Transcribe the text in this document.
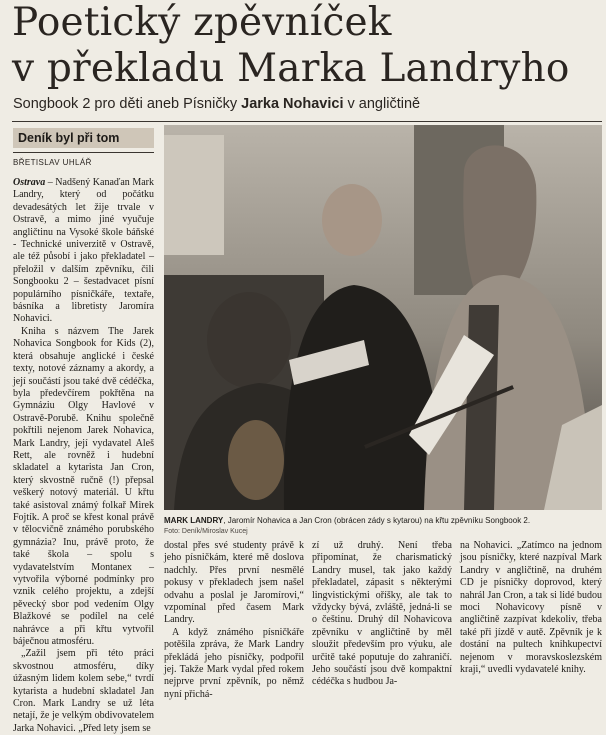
Poetický zpěvníček
v překladu Marka Landryho
Songbook 2 pro děti aneb Písničky Jarka Nohavici v angličtině
Deník byl při tom
BŘETISLAV UHLÁŘ

Ostrava – Nadšený Kanaďan Mark Landry, který od počátku devadesátých let žije trvale v Ostravě, a mimo jiné vyučuje angličtinu na Vysoké škole báňské - Technické univerzitě v Ostravě, ale též působí i jako překladatel – přeložil v dalším zpěvníku, čili Songbooku 2 – šestadvacet písní populárního písničkáře, textaře, básníka a libretisty Jaromíra Nohavici.

Kniha s názvem The Jarek Nohavica Songbook for Kids (2), která obsahuje anglické i české texty, notové záznamy a akordy, a její součástí jsou také dvě cédéčka, byla předevčírem pokřtěna na Gymnáziu Olgy Havlové v Ostravě-Porubě. Knihu společně pokřtili nejenom Jarek Nohavica, Mark Landry, její vydavatel Aleš Rett, ale rovněž i hudební skladatel a kytarista Jan Cron, který skvostně ručně (!) přepsal veškerý notový materiál. U křtu také asistoval známý folkař Mirek Fojtík. A proč se křest konal právě v tělocvičně známého porubského gymnázia? Inu, právě proto, že také škola – spolu s vydavatelstvím Montanex – vytvořila výborné podmínky pro vznik celého projektu, a zdejší pěvecký sbor pod vedením Olgy Blažkové se podílel na celé nahrávce a při křtu vytvořil báječnou atmosféru.

„Zažil jsem při této práci skvostnou atmosféru, díky úžasným lidem kolem sebe,“ tvrdí kytarista a hudební skladatel Jan Cron. Mark Landry se už léta netají, že je velkým obdivovatelem Jarka Nohavici. „Před lety jsem se

MARK LANDRY, Jaromír Nohavica a Jan Cron (obrácen zády s kytarou) na křtu zpěvníku Songbook 2.
Foto: Deník/Miroslav Kucej

dostal přes své studenty právě k jeho písničkám, které mě doslova nadchly. Přes první nesmělé pokusy v překladech jsem našel odvahu a poslal je Jaromírovi,“ vzpomínal před časem Mark Landry.

A když známého písničkáře potěšila zpráva, že Mark Landry překládá jeho písničky, podpořil jej. Takže Mark vydal před rokem nejprve první zpěvník, po němž nyní přichá-

zí už druhý. Není třeba připomínat, že charismatický Landry musel, tak jako každý překladatel, zápasit s některými lingvistickými oříšky, ale tak to vždycky bývá, zvláště, jedná-li se o češtinu. Druhý díl Nohavicova zpěvníku v angličtině by měl sloužit především pro výuku, ale určitě také poputuje do zahraničí. Jeho součástí jsou dvě kompaktní cédéčka s hudbou Ja-

na Nohavici. „Zatímco na jednom jsou písničky, které nazpíval Mark Landry v angličtině, na druhém CD je písničky doprovod, který nahrál Jan Cron, a tak si lidé budou moci Nohavicovy písně v angličtině zazpívat kdekoliv, třeba také při jízdě v autě. Zpěvník je k dostání na pultech knihkupectví nejenom v moravskoslezském kraji,“ uvedli vydavatelé knihy.
